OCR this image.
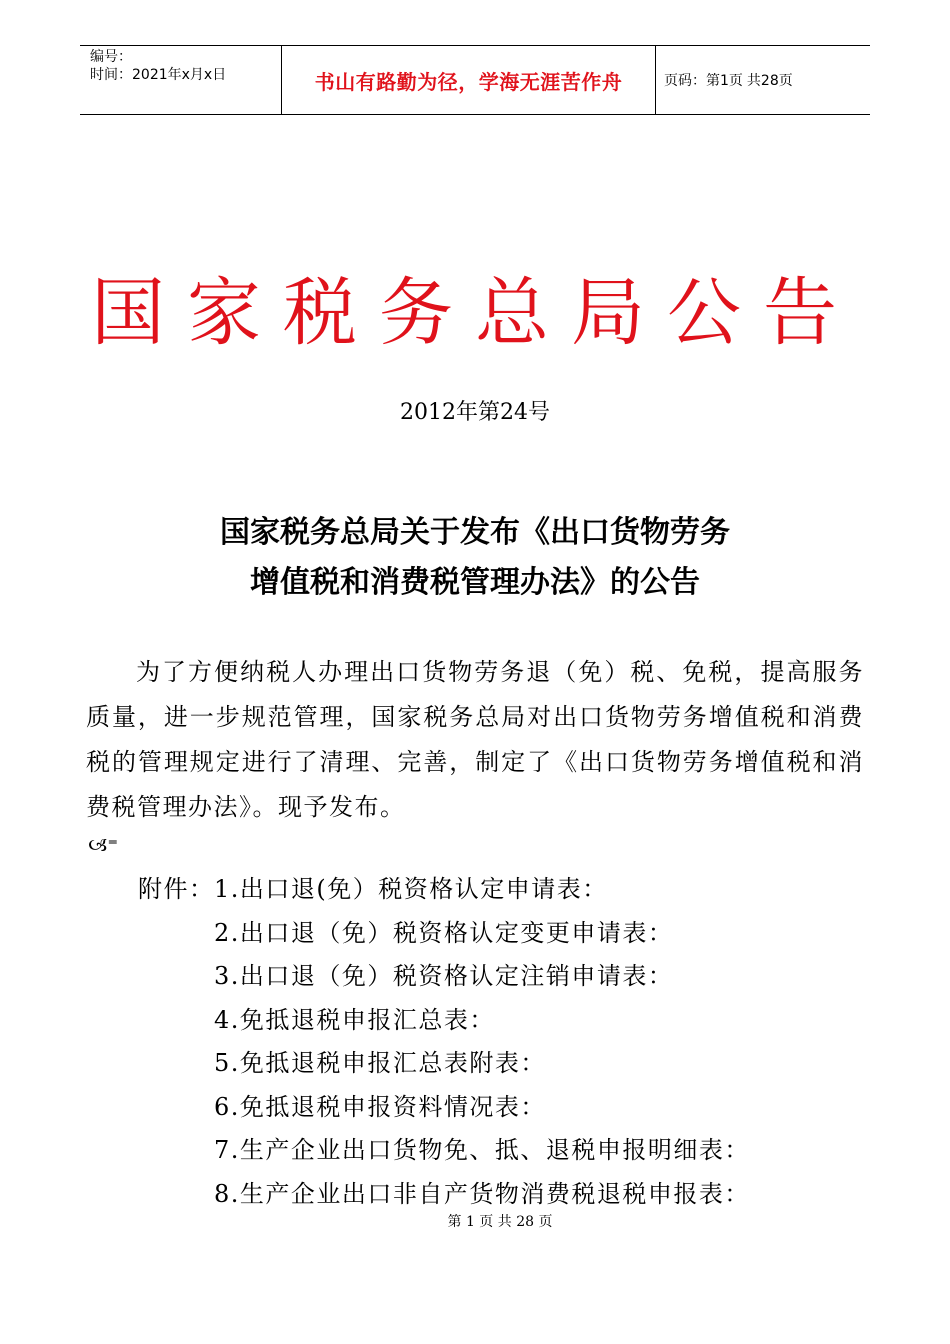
编号：
时间：2021年x月x日	书山有路勤为径，学海无涯苦作舟	页码：第1页 共28页
国家税务总局公告
2012年第24号
国家税务总局关于发布《出口货物劳务
增值税和消费税管理办法》的公告
为了方便纳税人办理出口货物劳务退（免）税、免税，提高服务质量，进一步规范管理，国家税务总局对出口货物劳务增值税和消费税的管理规定进行了清理、完善，制定了《出口货物劳务增值税和消费税管理办法》。现予发布。
🙢⁼
附件：1.出口退(免）税资格认定申请表：
2.出口退（免）税资格认定变更申请表：
3.出口退（免）税资格认定注销申请表：
4.免抵退税申报汇总表：
5.免抵退税申报汇总表附表：
6.免抵退税申报资料情况表：
7.生产企业出口货物免、抵、退税申报明细表：
8.生产企业出口非自产货物消费税退税申报表：
第 1 页 共 28 页
